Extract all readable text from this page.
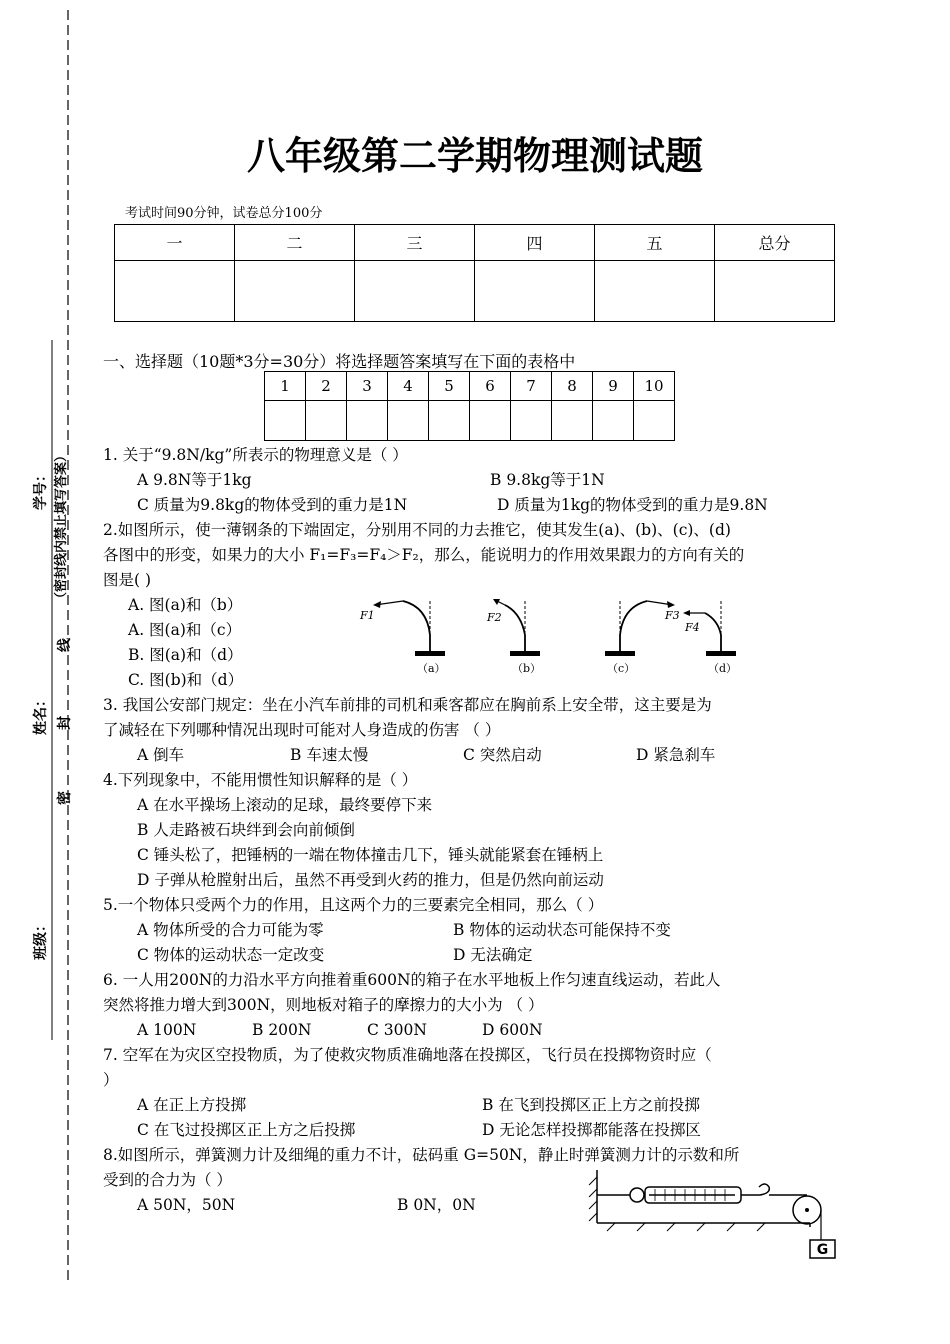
学号： （密封线内禁止填写答案）
线
姓名： 封
密
班级：
八年级第二学期物理测试题
考试时间90分钟，试卷总分100分
一	二	三	四	五	总分

一、选择题（10题*3分=30分）将选择题答案填写在下面的表格中
1	2	3	4	5	6	7	8	9	10

1. 关于“9.8N/kg”所表示的物理意义是（ ）
A 9.8N等于1kg	B 9.8kg等于1N
C 质量为9.8kg的物体受到的重力是1N	D 质量为1kg的物体受到的重力是9.8N
2.如图所示，使一薄钢条的下端固定，分别用不同的力去推它，使其发生(a)、(b)、(c)、(d)
各图中的形变，如果力的大小 F₁=F₃=F₄＞F₂，那么，能说明力的作用效果跟力的方向有关的
图是( )
A. 图(a)和（b）
A. 图(a)和（c）
B. 图(a)和（d）
C. 图(b)和（d）
F1	F2	F3
F4
（a）	（b）	（c）	（d）
3. 我国公安部门规定：坐在小汽车前排的司机和乘客都应在胸前系上安全带，这主要是为
了减轻在下列哪种情况出现时可能对人身造成的伤害 （ ）
A 倒车	B 车速太慢	C 突然启动	D 紧急刹车
4.下列现象中，不能用惯性知识解释的是（ ）
A 在水平操场上滚动的足球，最终要停下来
B 人走路被石块绊到会向前倾倒
C 锤头松了，把锤柄的一端在物体撞击几下，锤头就能紧套在锤柄上
D 子弹从枪膛射出后，虽然不再受到火药的推力，但是仍然向前运动
5.一个物体只受两个力的作用，且这两个力的三要素完全相同，那么（ ）
A 物体所受的合力可能为零	B 物体的运动状态可能保持不变
C 物体的运动状态一定改变	D 无法确定
6. 一人用200N的力沿水平方向推着重600N的箱子在水平地板上作匀速直线运动，若此人
突然将推力增大到300N，则地板对箱子的摩擦力的大小为 （ ）
A 100N	B 200N	C 300N	D 600N
7. 空军在为灾区空投物质，为了使救灾物质准确地落在投掷区，飞行员在投掷物资时应（
）
A 在正上方投掷	B 在飞到投掷区正上方之前投掷
C 在飞过投掷区正上方之后投掷	D 无论怎样投掷都能落在投掷区
8.如图所示，弹簧测力计及细绳的重力不计，砝码重 G=50N，静止时弹簧测力计的示数和所
受到的合力为（ ）
A 50N，50N	B 0N，0N
G
